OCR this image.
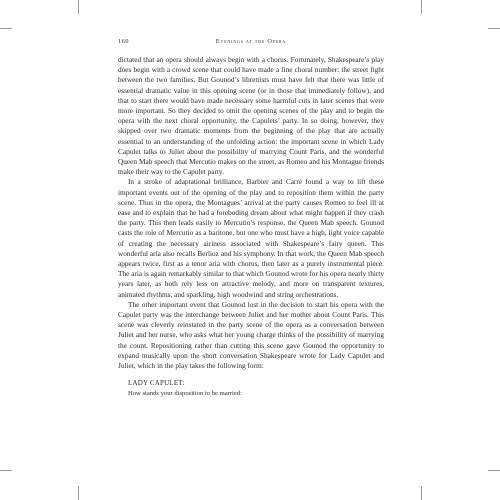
160	Evenings at the Opera

dictated that an opera should always begin with a chorus. Fortunately, Shakespeare’s play does begin with a crowd scene that could have made a fine choral number: the street fight between the two families. But Gounod’s librettists must have felt that there was little of essential dramatic value in this opening scene (or in those that immediately follow), and that to start there would have made necessary some harmful cuts in later scenes that were more important. So they decided to omit the opening scenes of the play and to begin the opera with the next choral opportunity, the Capulets’ party. In so doing, however, they skipped over two dramatic moments from the beginning of the play that are actually essential to an understanding of the unfolding action: the important scene in which Lady Capulet talks to Juliet about the possibility of marrying Count Paris, and the wonderful Queen Mab speech that Mercutio makes on the street, as Romeo and his Montague friends make their way to the Capulet party.

In a stroke of adaptational brilliance, Barbier and Carré found a way to lift these important events out of the opening of the play and to reposition them within the party scene. Thus in the opera, the Montagues’ arrival at the party causes Romeo to feel ill at ease and to explain that he had a foreboding dream about what might happen if they crash the party. This then leads easily to Mercutio’s response, the Queen Mab speech. Gounod casts the role of Mercutio as a baritone, but one who must have a high, light voice capable of creating the necessary airiness associated with Shakespeare’s fairy queen. This wonderful aria also recalls Berlioz and his symphony. In that work, the Queen Mab speech appears twice, first as a tenor aria with chorus, then later as a purely instrumental piece. The aria is again remarkably similar to that which Gounod wrote for his opera nearly thirty years later, as both rely less on attractive melody, and more on transparent textures, animated rhythms, and sparkling, high woodwind and string orchestrations.

The other important event that Gounod lost in the decision to start his opera with the Capulet party was the interchange between Juliet and her mother about Count Paris. This scene was cleverly reinstated in the party scene of the opera as a conversation between Juliet and her nurse, who asks what her young charge thinks of the possibility of marrying the count. Repositioning rather than cutting this scene gave Gounod the opportunity to expand musically upon the short conversation Shakespeare wrote for Lady Capulet and Juliet, which in the play takes the following form:

LADY CAPULET:
How stands your disposition to be married:
